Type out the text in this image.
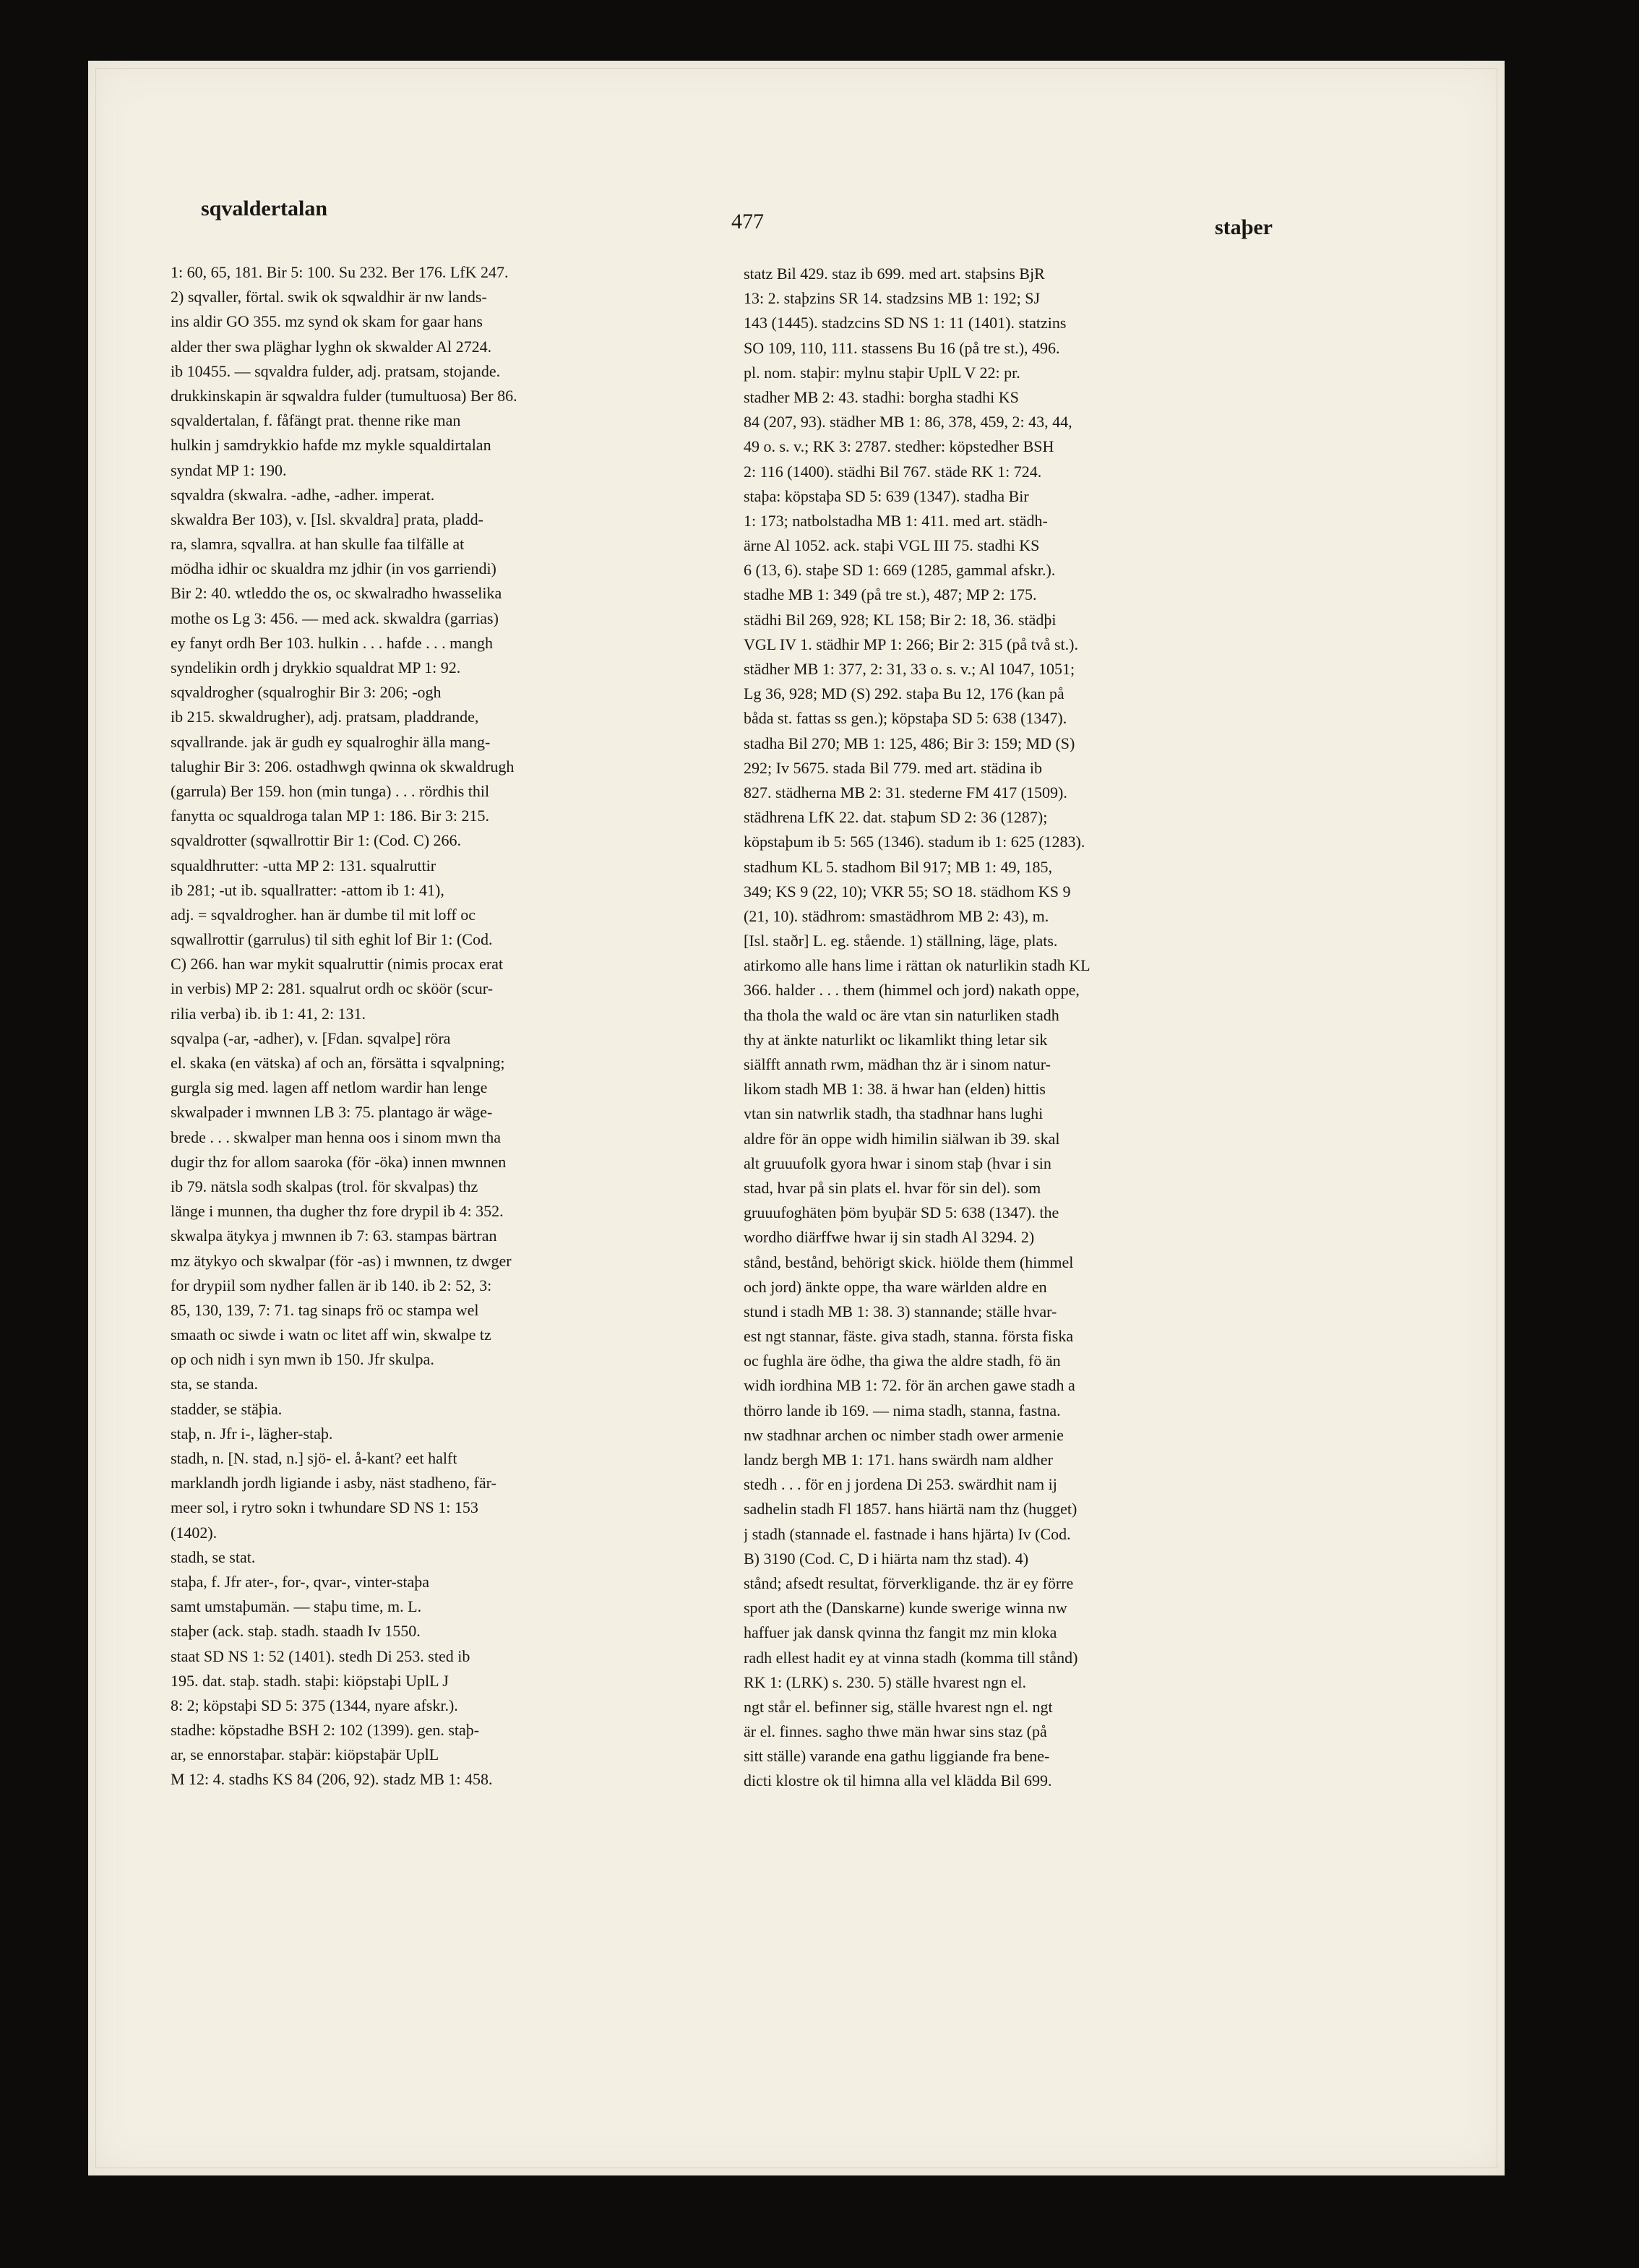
sqvaldertalan
477	staþer
1: 60, 65, 181. Bir 5: 100. Su 232. Ber 176. LfK 247.
2) sqvaller, förtal. swik ok sqwaldhir är nw lands-
ins aldir GO 355. mz synd ok skam for gaar hans
alder ther swa pläghar lyghn ok skwalder Al 2724.
ib 10455. — sqvaldra fulder, adj. pratsam, stojande.
drukkinskapin är sqwaldra fulder (tumultuosa) Ber 86.
sqvaldertalan, f. fåfängt prat. thenne rike man
hulkin j samdrykkio hafde mz mykle squaldirtalan
syndat MP 1: 190.
sqvaldra (skwalra. -adhe, -adher. imperat.
skwaldra Ber 103), v. [Isl. skvaldra] prata, pladd-
ra, slamra, sqvallra. at han skulle faa tilfälle at
mödha idhir oc skualdra mz jdhir (in vos garriendi)
Bir 2: 40. wtleddo the os, oc skwalradho hwasselika
mothe os Lg 3: 456. — med ack. skwaldra (garrias)
ey fanyt ordh Ber 103. hulkin . . . hafde . . . mangh
syndelikin ordh j drykkio squaldrat MP 1: 92.
sqvaldrogher (squalroghir Bir 3: 206; -ogh
ib 215. skwaldrugher), adj. pratsam, pladdrande,
sqvallrande. jak är gudh ey squalroghir älla mang-
talughir Bir 3: 206. ostadhwgh qwinna ok skwaldrugh
(garrula) Ber 159. hon (min tunga) . . . rördhis thil
fanytta oc squaldroga talan MP 1: 186. Bir 3: 215.
sqvaldrotter (sqwallrottir Bir 1: (Cod. C) 266.
squaldhrutter: -utta MP 2: 131. squalruttir
ib 281; -ut ib. squallratter: -attom ib 1: 41),
adj. = sqvaldrogher. han är dumbe til mit loff oc
sqwallrottir (garrulus) til sith eghit lof Bir 1: (Cod.
C) 266. han war mykit squalruttir (nimis procax erat
in verbis) MP 2: 281. squalrut ordh oc sköör (scur-
rilia verba) ib. ib 1: 41, 2: 131.
sqvalpa (-ar, -adher), v. [Fdan. sqvalpe] röra
el. skaka (en vätska) af och an, försätta i sqvalpning;
gurgla sig med. lagen aff netlom wardir han lenge
skwalpader i mwnnen LB 3: 75. plantago är wäge-
brede . . . skwalper man henna oos i sinom mwn tha
dugir thz for allom saaroka (för -öka) innen mwnnen
ib 79. nätsla sodh skalpas (trol. för skvalpas) thz
länge i munnen, tha dugher thz fore drypil ib 4: 352.
skwalpa ätykya j mwnnen ib 7: 63. stampas bärtran
mz ätykyo och skwalpar (för -as) i mwnnen, tz dwger
for drypiil som nydher fallen är ib 140. ib 2: 52, 3:
85, 130, 139, 7: 71. tag sinaps frö oc stampa wel
smaath oc siwde i watn oc litet aff win, skwalpe tz
op och nidh i syn mwn ib 150. Jfr skulpa.
sta, se standa.
stadder, se stäþia.
staþ, n. Jfr i-, lägher-staþ.
stadh, n. [N. stad, n.] sjö- el. å-kant? eet halft
marklandh jordh ligiande i asby, näst stadheno, fär-
meer sol, i rytro sokn i twhundare SD NS 1: 153
(1402).
stadh, se stat.
staþa, f. Jfr ater-, for-, qvar-, vinter-staþa
samt umstaþumän. — staþu time, m. L.
staþer (ack. staþ. stadh. staadh Iv 1550.
staat SD NS 1: 52 (1401). stedh Di 253. sted ib
195. dat. staþ. stadh. staþi: kiöpstaþi UplL J
8: 2; köpstaþi SD 5: 375 (1344, nyare afskr.).
stadhe: köpstadhe BSH 2: 102 (1399). gen. staþ-
ar, se ennorstaþar. staþär: kiöpstaþär UplL
M 12: 4. stadhs KS 84 (206, 92). stadz MB 1: 458.
statz Bil 429. staz ib 699. med art. staþsins BjR
13: 2. staþzins SR 14. stadzsins MB 1: 192; SJ
143 (1445). stadzcins SD NS 1: 11 (1401). statzins
SO 109, 110, 111. stassens Bu 16 (på tre st.), 496.
pl. nom. staþir: mylnu staþir UplL V 22: pr.
stadher MB 2: 43. stadhi: borgha stadhi KS
84 (207, 93). städher MB 1: 86, 378, 459, 2: 43, 44,
49 o. s. v.; RK 3: 2787. stedher: köpstedher BSH
2: 116 (1400). städhi Bil 767. städe RK 1: 724.
staþa: köpstaþa SD 5: 639 (1347). stadha Bir
1: 173; natbolstadha MB 1: 411. med art. städh-
ärne Al 1052. ack. staþi VGL III 75. stadhi KS
6 (13, 6). staþe SD 1: 669 (1285, gammal afskr.).
stadhe MB 1: 349 (på tre st.), 487; MP 2: 175.
städhi Bil 269, 928; KL 158; Bir 2: 18, 36. städþi
VGL IV 1. städhir MP 1: 266; Bir 2: 315 (på två st.).
städher MB 1: 377, 2: 31, 33 o. s. v.; Al 1047, 1051;
Lg 36, 928; MD (S) 292. staþa Bu 12, 176 (kan på
båda st. fattas ss gen.); köpstaþa SD 5: 638 (1347).
stadha Bil 270; MB 1: 125, 486; Bir 3: 159; MD (S)
292; Iv 5675. stada Bil 779. med art. städina ib
827. städherna MB 2: 31. stederne FM 417 (1509).
städhrena LfK 22. dat. staþum SD 2: 36 (1287);
köpstaþum ib 5: 565 (1346). stadum ib 1: 625 (1283).
stadhum KL 5. stadhom Bil 917; MB 1: 49, 185,
349; KS 9 (22, 10); VKR 55; SO 18. städhom KS 9
(21, 10). städhrom: smastädhrom MB 2: 43), m.
[Isl. staðr] L. eg. stående. 1) ställning, läge, plats.
atirkomo alle hans lime i rättan ok naturlikin stadh KL
366. halder . . . them (himmel och jord) nakath oppe,
tha thola the wald oc äre vtan sin naturliken stadh
thy at änkte naturlikt oc likamlikt thing letar sik
siälfft annath rwm, mädhan thz är i sinom natur-
likom stadh MB 1: 38. ä hwar han (elden) hittis
vtan sin natwrlik stadh, tha stadhnar hans lughi
aldre för än oppe widh himilin siälwan ib 39. skal
alt gruuufolk gyora hwar i sinom staþ (hvar i sin
stad, hvar på sin plats el. hvar för sin del). som
gruuufoghäten þöm byuþär SD 5: 638 (1347). the
wordho diärffwe hwar ij sin stadh Al 3294. 2)
stånd, bestånd, behörigt skick. hiölde them (himmel
och jord) änkte oppe, tha ware wärlden aldre en
stund i stadh MB 1: 38. 3) stannande; ställe hvar-
est ngt stannar, fäste. giva stadh, stanna. första fiska
oc fughla äre ödhe, tha giwa the aldre stadh, fö än
widh iordhina MB 1: 72. för än archen gawe stadh a
thörro lande ib 169. — nima stadh, stanna, fastna.
nw stadhnar archen oc nimber stadh ower armenie
landz bergh MB 1: 171. hans swärdh nam aldher
stedh . . . för en j jordena Di 253. swärdhit nam ij
sadhelin stadh Fl 1857. hans hiärtä nam thz (hugget)
j stadh (stannade el. fastnade i hans hjärta) Iv (Cod.
B) 3190 (Cod. C, D i hiärta nam thz stad). 4)
stånd; afsedt resultat, förverkligande. thz är ey förre
sport ath the (Danskarne) kunde swerige winna nw
haffuer jak dansk qvinna thz fangit mz min kloka
radh ellest hadit ey at vinna stadh (komma till stånd)
RK 1: (LRK) s. 230. 5) ställe hvarest ngn el.
ngt står el. befinner sig, ställe hvarest ngn el. ngt
är el. finnes. sagho thwe män hwar sins staz (på
sitt ställe) varande ena gathu liggiande fra bene-
dicti klostre ok til himna alla vel klädda Bil 699.
